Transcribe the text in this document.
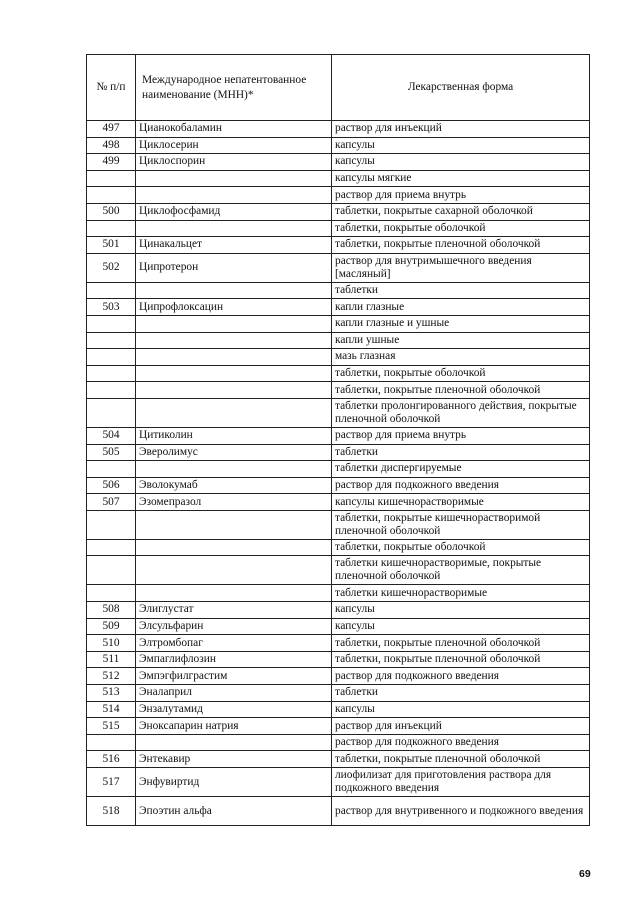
№ п/п	Международное непатентованное наименование (МНН)*	Лекарственная форма
497	Цианокобаламин	раствор для инъекций
498	Циклосерин	капсулы
499	Циклоспорин	капсулы
		капсулы мягкие
		раствор для приема внутрь
500	Циклофосфамид	таблетки, покрытые сахарной оболочкой
		таблетки, покрытые оболочкой
501	Цинакальцет	таблетки, покрытые пленочной оболочкой
502	Ципротерон	раствор для внутримышечного введения [масляный]
		таблетки
503	Ципрофлоксацин	капли глазные
		капли глазные и ушные
		капли ушные
		мазь глазная
		таблетки, покрытые оболочкой
		таблетки, покрытые пленочной оболочкой
		таблетки пролонгированного действия, покрытые пленочной оболочкой
504	Цитиколин	раствор для приема внутрь
505	Эверолимус	таблетки
		таблетки диспергируемые
506	Эволокумаб	раствор для подкожного введения
507	Эзомепразол	капсулы кишечнорастворимые
		таблетки, покрытые кишечнорастворимой пленочной оболочкой
		таблетки, покрытые оболочкой
		таблетки кишечнорастворимые, покрытые пленочной оболочкой
		таблетки кишечнорастворимые
508	Элиглустат	капсулы
509	Элсульфарин	капсулы
510	Элтромбопаг	таблетки, покрытые пленочной оболочкой
511	Эмпаглифлозин	таблетки, покрытые пленочной оболочкой
512	Эмпэгфилграстим	раствор для подкожного введения
513	Эналаприл	таблетки
514	Энзалутамид	капсулы
515	Эноксапарин натрия	раствор для инъекций
		раствор для подкожного введения
516	Энтекавир	таблетки, покрытые пленочной оболочкой
517	Энфувиртид	лиофилизат для приготовления раствора для подкожного введения
518	Эпоэтин альфа	раствор для внутривенного и подкожного введения
69
